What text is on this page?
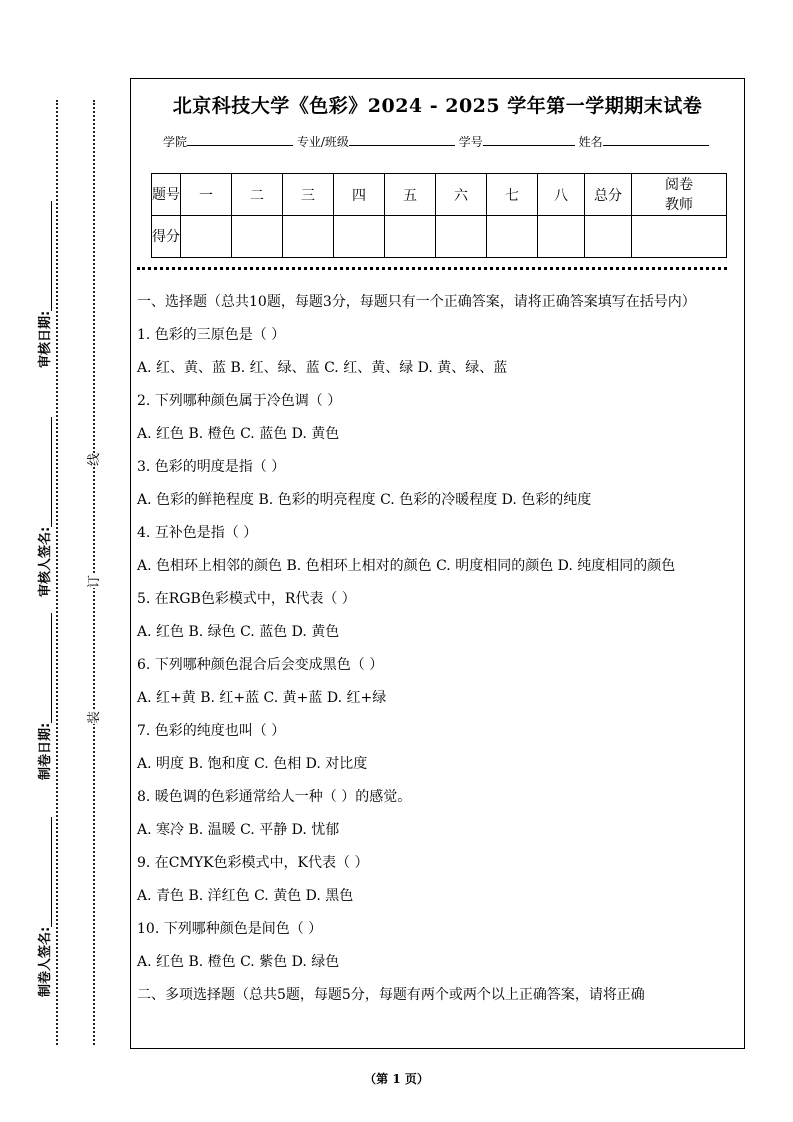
审核日期:
审核人签名:
制卷日期:
制卷人签名:
线
订
装
北京科技大学《色彩》2024 - 2025 学年第一学期期末试卷
学院	专业/班级	学号	姓名
题号	一	二	三	四	五	六	七	八	总分	阅卷教师
得分										

一、选择题（总共10题，每题3分，每题只有一个正确答案，请将正确答案填写在括号内）

1. 色彩的三原色是（ ）

A. 红、黄、蓝 B. 红、绿、蓝 C. 红、黄、绿 D. 黄、绿、蓝

2. 下列哪种颜色属于冷色调（ ）

A. 红色 B. 橙色 C. 蓝色 D. 黄色

3. 色彩的明度是指（ ）

A. 色彩的鲜艳程度 B. 色彩的明亮程度 C. 色彩的冷暖程度 D. 色彩的纯度

4. 互补色是指（ ）

A. 色相环上相邻的颜色 B. 色相环上相对的颜色 C. 明度相同的颜色 D. 纯度相同的颜色

5. 在RGB色彩模式中，R代表（ ）

A. 红色 B. 绿色 C. 蓝色 D. 黄色

6. 下列哪种颜色混合后会变成黑色（ ）

A. 红+黄 B. 红+蓝 C. 黄+蓝 D. 红+绿

7. 色彩的纯度也叫（ ）

A. 明度 B. 饱和度 C. 色相 D. 对比度

8. 暖色调的色彩通常给人一种（ ）的感觉。

A. 寒冷 B. 温暖 C. 平静 D. 忧郁

9. 在CMYK色彩模式中，K代表（ ）

A. 青色 B. 洋红色 C. 黄色 D. 黑色

10. 下列哪种颜色是间色（ ）

A. 红色 B. 橙色 C. 紫色 D. 绿色

二、多项选择题（总共5题，每题5分，每题有两个或两个以上正确答案，请将正确

（第 1 页）
